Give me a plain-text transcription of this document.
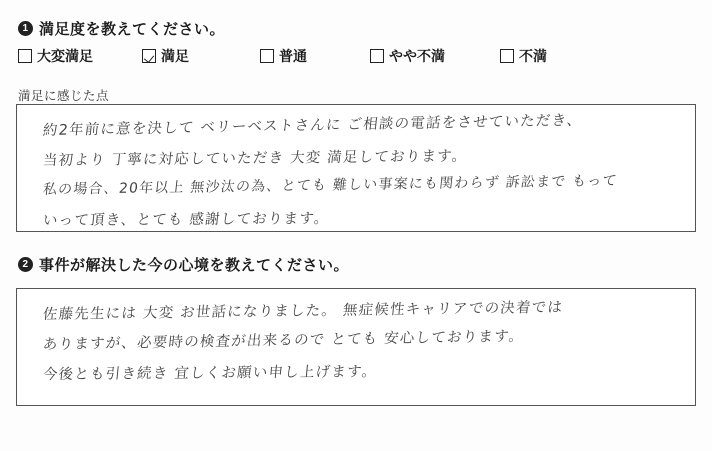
1 満足度を教えてください。
大変満足	満足	普通	やや不満	不満
満足に感じた点
約2年前に意を決して ベリーベストさんに ご相談の電話をさせていただき、
当初より 丁寧に対応していただき 大変 満足しております。
私の場合、20年以上 無沙汰の為、とても 難しい事案にも関わらず 訴訟まで もって
いって頂き、とても 感謝しております。
2 事件が解決した今の心境を教えてください。
佐藤先生には 大変 お世話になりました。 無症候性キャリアでの決着では
ありますが、必要時の検査が出来るので とても 安心しております。
今後とも引き続き 宜しくお願い申し上げます。
